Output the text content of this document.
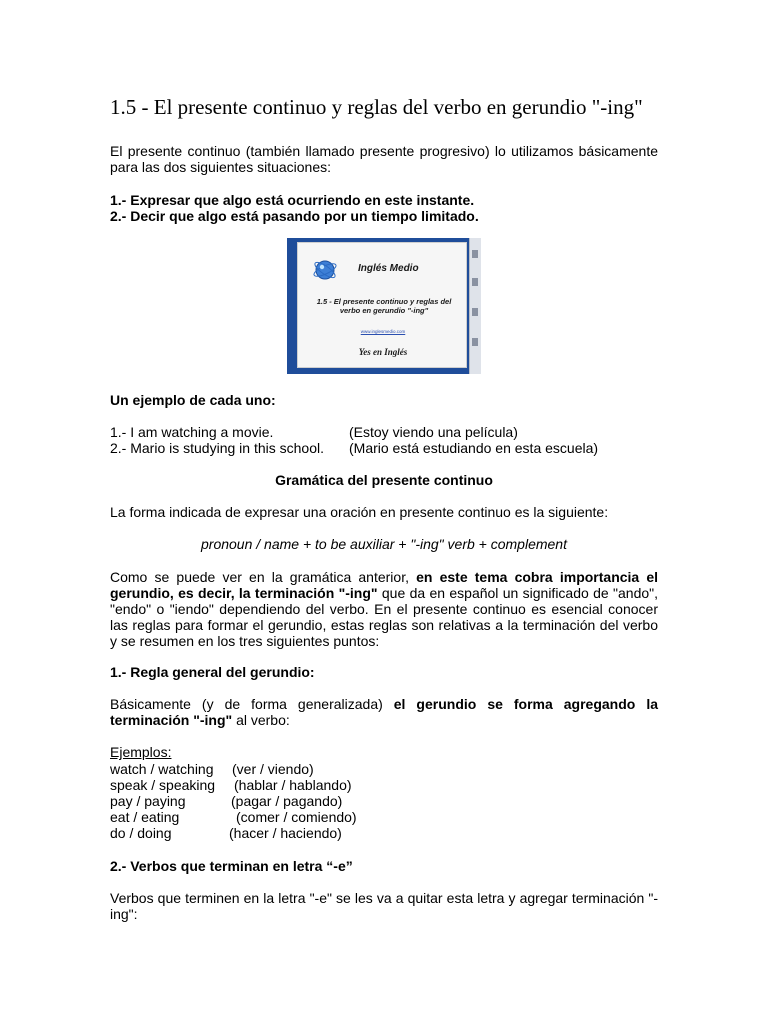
1.5 - El presente continuo y reglas del verbo en gerundio "-ing"

El presente continuo (también llamado presente progresivo) lo utilizamos básicamente para las dos siguientes situaciones:

1.- Expresar que algo está ocurriendo en este instante.

2.- Decir que algo está pasando por un tiempo limitado.

Inglés Medio
1.5 - El presente continuo y reglas del verbo en gerundio "-ing"
www.inglesmedio.com
Yes en Inglés

Un ejemplo de cada uno:

1.- I am watching a movie.	(Estoy viendo una película)
2.- Mario is studying in this school. (Mario está estudiando en esta escuela)

Gramática del presente continuo

La forma indicada de expresar una oración en presente continuo es la siguiente:

pronoun / name + to be auxiliar + "-ing" verb + complement

Como se puede ver en la gramática anterior, en este tema cobra importancia el gerundio, es decir, la terminación "-ing" que da en español un significado de "ando", "endo" o "iendo" dependiendo del verbo. En el presente continuo es esencial conocer las reglas para formar el gerundio, estas reglas son relativas a la terminación del verbo y se resumen en los tres siguientes puntos:

1.- Regla general del gerundio:

Básicamente (y de forma generalizada) el gerundio se forma agregando la terminación "-ing" al verbo:

Ejemplos:

watch / watching (ver / viendo)
speak / speaking (hablar / hablando)
pay / paying	(pagar / pagando)
eat / eating	(comer / comiendo)
do / doing	(hacer / haciendo)

2.- Verbos que terminan en letra “-e”

Verbos que terminen en la letra "-e" se les va a quitar esta letra y agregar terminación "-ing":
